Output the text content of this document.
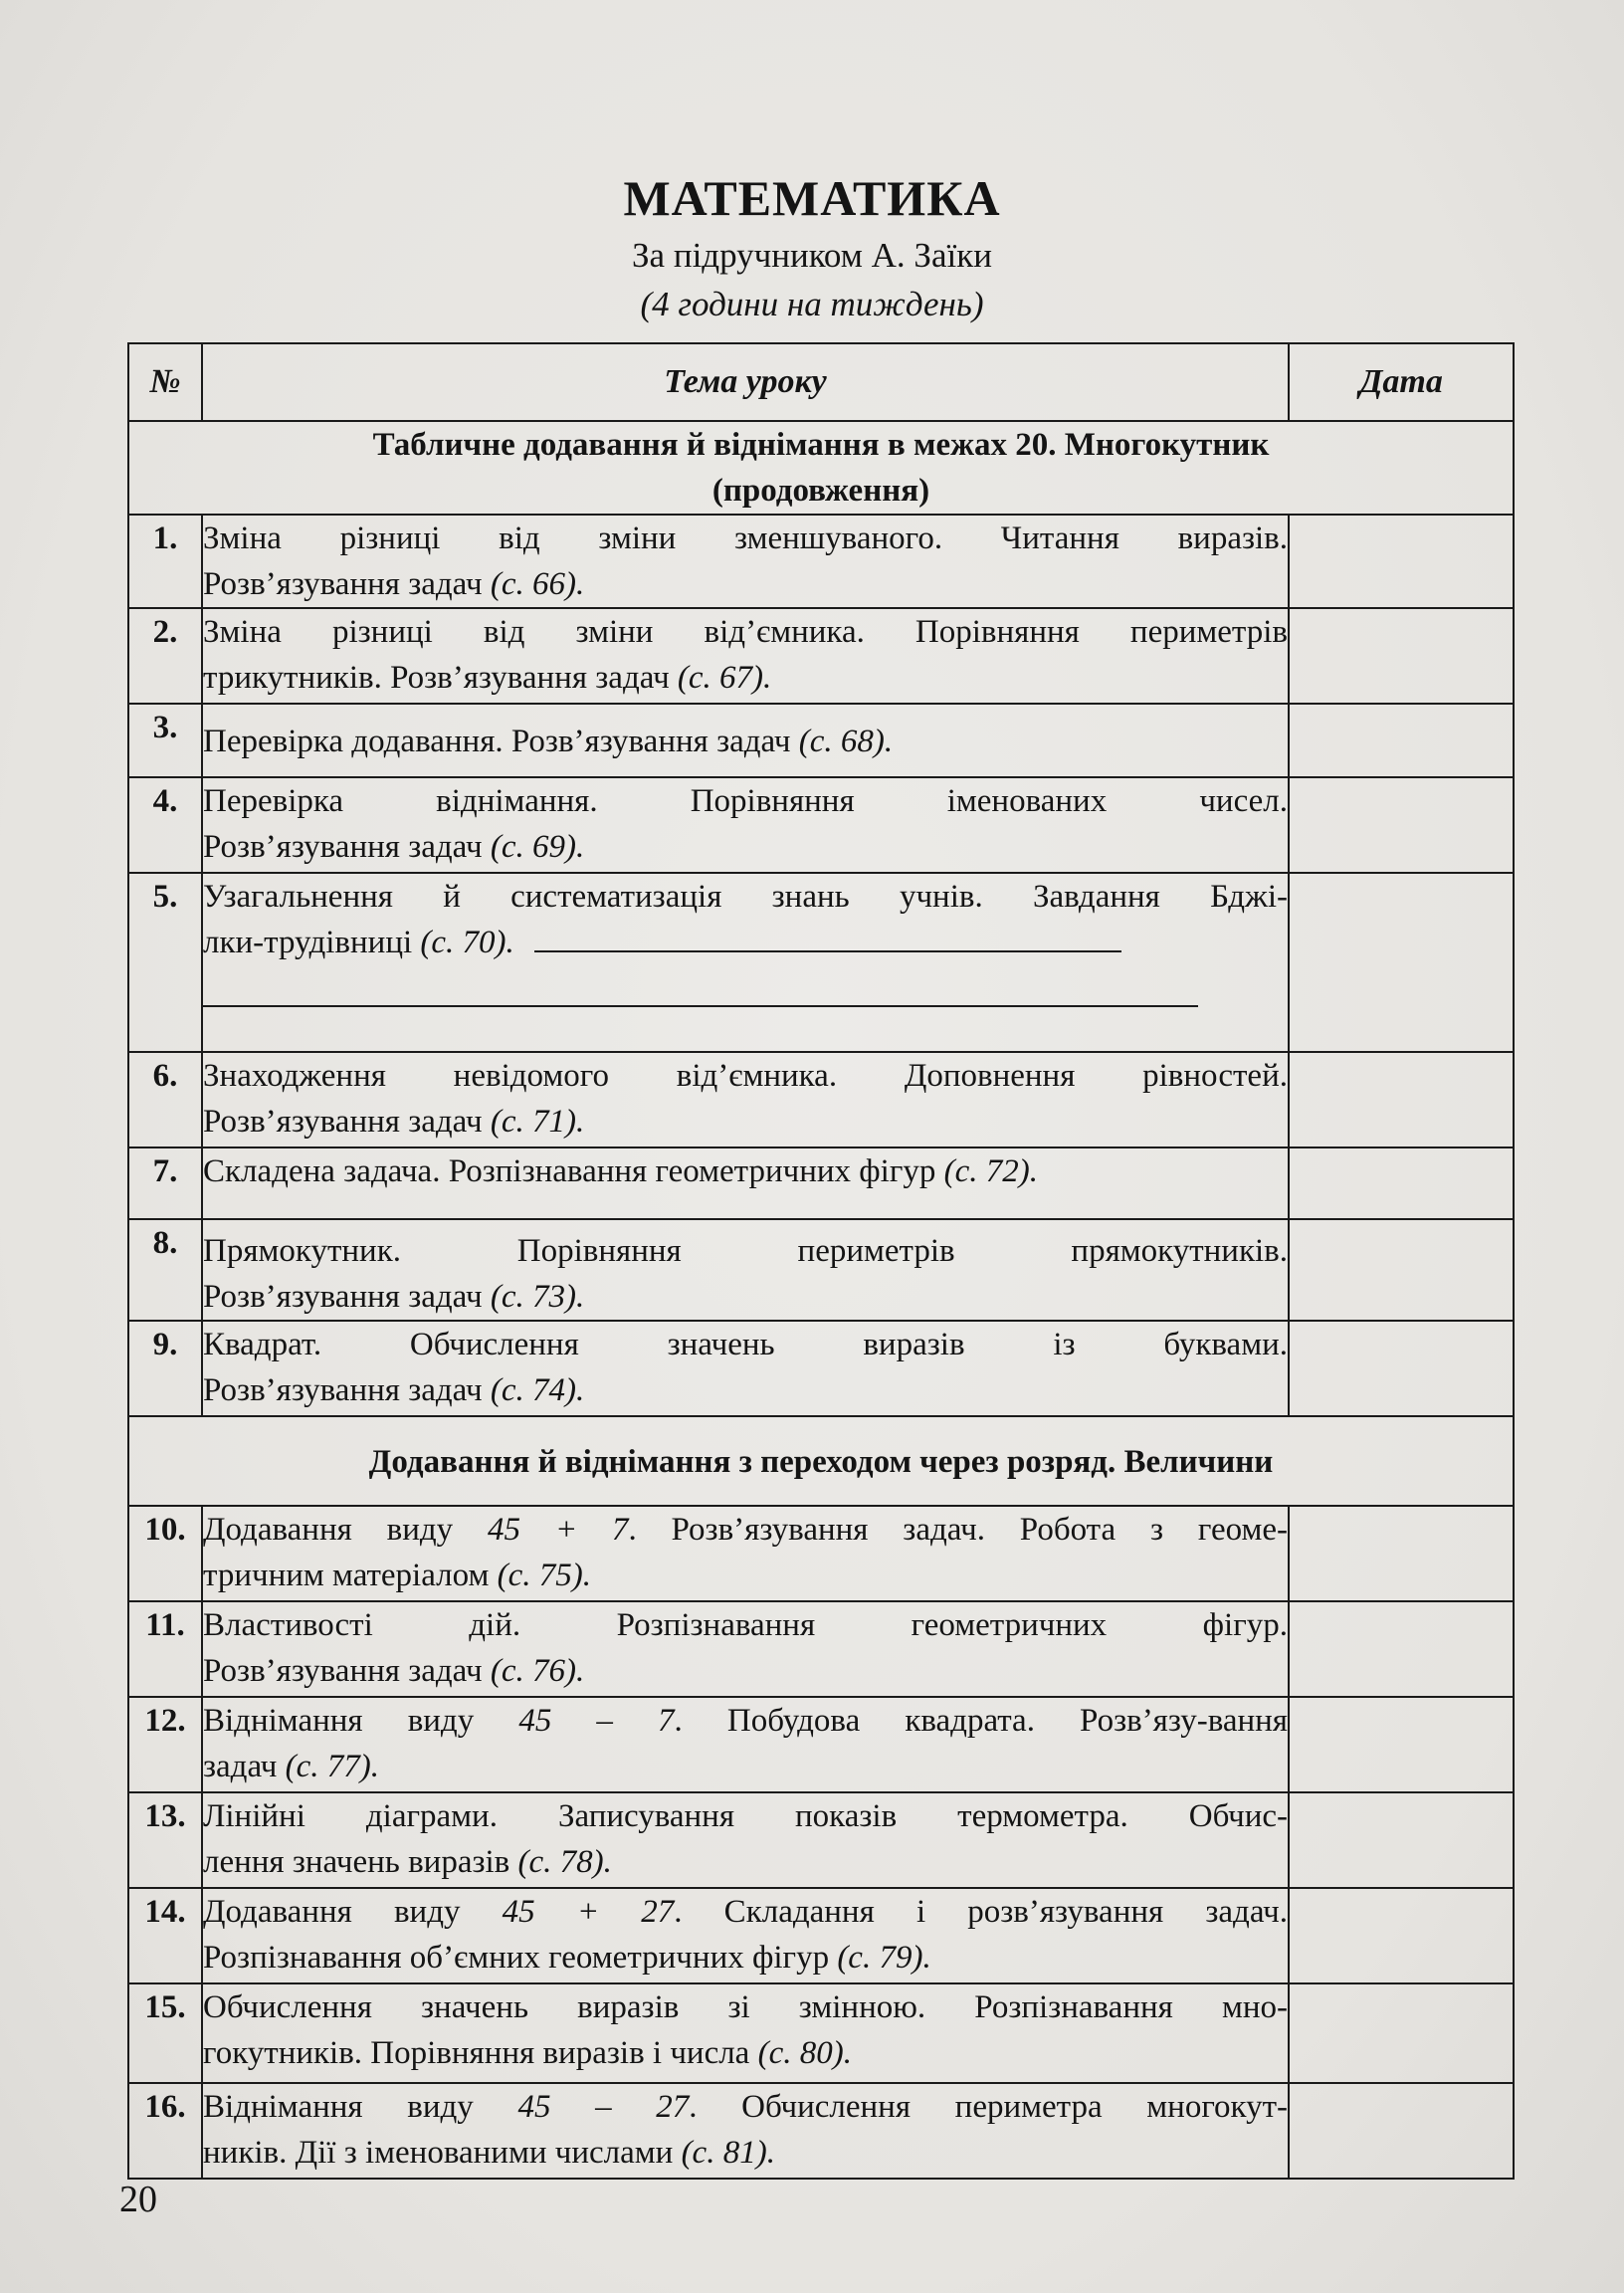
МАТЕМАТИКА
За підручником А. Заїки
(4 години на тиждень)
№	Тема уроку	Дата
Табличне додавання й віднімання в межах 20. Многокутник
(продовження)		
1.	Зміна різниці від зміни зменшуваного. Читання виразів.
Розв’язування задач (с. 66).	

2.	Зміна різниці від зміни від’ємника. Порівняння периметрів
трикутників. Розв’язування задач (с. 67).	

3.	Перевірка додавання. Розв’язування задач (с. 68).	

4.	Перевірка віднімання. Порівняння іменованих чисел.
Розв’язування задач (с. 69).	

5.	Узагальнення й систематизація знань учнів. Завдання Бджі-
лки-трудівниці (с. 70).	

6.	Знаходження невідомого від’ємника. Доповнення рівностей.
Розв’язування задач (с. 71).	

7.	Складена задача. Розпізнавання геометричних фігур (с. 72).	

8.	Прямокутник. Порівняння периметрів прямокутників.
Розв’язування задач (с. 73).	

9.	Квадрат. Обчислення значень виразів із буквами.
Розв’язування задач (с. 74).	

Додавання й віднімання з переходом через розряд. Величини		
10.	Додавання виду 45 + 7. Розв’язування задач. Робота з геоме-
тричним матеріалом (с. 75).	

11.	Властивості дій. Розпізнавання геометричних фігур.
Розв’язування задач (с. 76).	

12.	Віднімання виду 45 – 7. Побудова квадрата. Розв’язу-вання
задач (с. 77).	

13.	Лінійні діаграми. Записування показів термометра. Обчис-
лення значень виразів (с. 78).	

14.	Додавання виду 45 + 27. Складання і розв’язування задач.
Розпізнавання об’ємних геометричних фігур (с. 79).	

15.	Обчислення значень виразів зі змінною. Розпізнавання мно-
гокутників. Порівняння виразів і числа (с. 80).	

16.	Віднімання виду 45 – 27. Обчислення периметра многокут-
ників. Дії з іменованими числами (с. 81).	

20
